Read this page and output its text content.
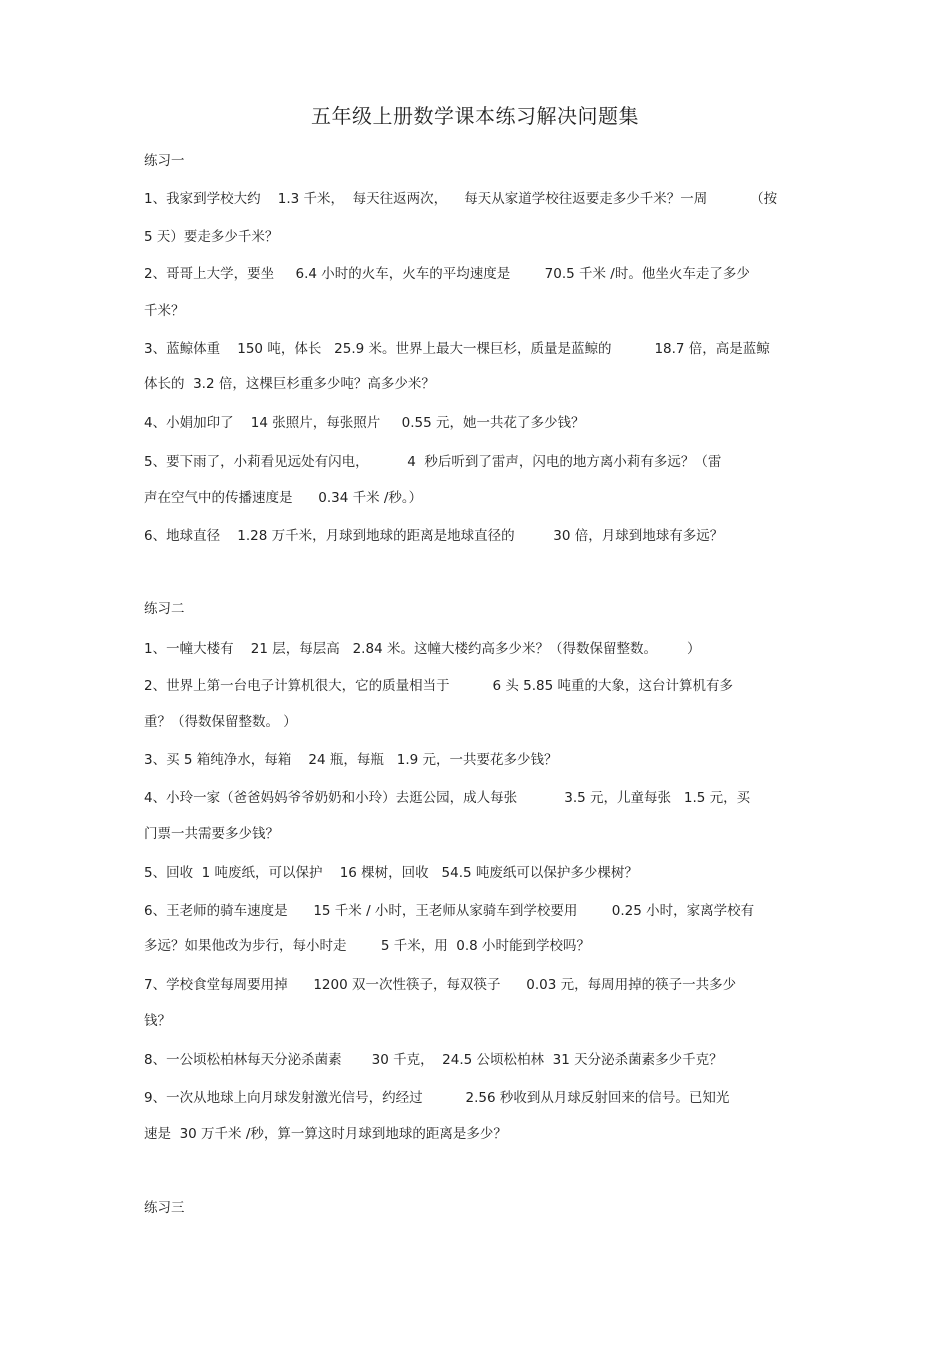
五年级上册数学课本练习解决问题集
练习一
1、我家到学校大约    1.3 千米，  每天往返两次，    每天从家道学校往返要走多少千米？一周          （按
5 天）要走多少千米？
2、哥哥上大学，要坐     6.4 小时的火车，火车的平均速度是        70.5 千米 /时。他坐火车走了多少
千米？
3、蓝鲸体重    150 吨，体长   25.9 米。世界上最大一棵巨杉，质量是蓝鲸的          18.7 倍，高是蓝鲸
体长的  3.2 倍，这棵巨杉重多少吨？高多少米？
4、小娟加印了    14 张照片，每张照片     0.55 元，她一共花了多少钱？
5、要下雨了，小莉看见远处有闪电，         4  秒后听到了雷声，闪电的地方离小莉有多远？（雷
声在空气中的传播速度是      0.34 千米 /秒。）
6、地球直径    1.28 万千米，月球到地球的距离是地球直径的         30 倍，月球到地球有多远？
练习二
1、一幢大楼有    21 层，每层高   2.84 米。这幢大楼约高多少米？（得数保留整数。       ）
2、世界上第一台电子计算机很大，它的质量相当于          6 头 5.85 吨重的大象，这台计算机有多
重？（得数保留整数。 ）
3、买 5 箱纯净水，每箱    24 瓶，每瓶   1.9 元，一共要花多少钱？
4、小玲一家（爸爸妈妈爷爷奶奶和小玲）去逛公园，成人每张           3.5 元，儿童每张   1.5 元，买
门票一共需要多少钱？
5、回收  1 吨废纸，可以保护    16 棵树，回收   54.5 吨废纸可以保护多少棵树？
6、王老师的骑车速度是      15 千米 / 小时，王老师从家骑车到学校要用        0.25 小时，家离学校有
多远？如果他改为步行，每小时走        5 千米，用  0.8 小时能到学校吗？
7、学校食堂每周要用掉      1200 双一次性筷子，每双筷子      0.03 元，每周用掉的筷子一共多少
钱？
8、一公顷松柏林每天分泌杀菌素       30 千克，  24.5 公顷松柏林  31 天分泌杀菌素多少千克？
9、一次从地球上向月球发射激光信号，约经过          2.56 秒收到从月球反射回来的信号。已知光
速是  30 万千米 /秒，算一算这时月球到地球的距离是多少？
练习三
